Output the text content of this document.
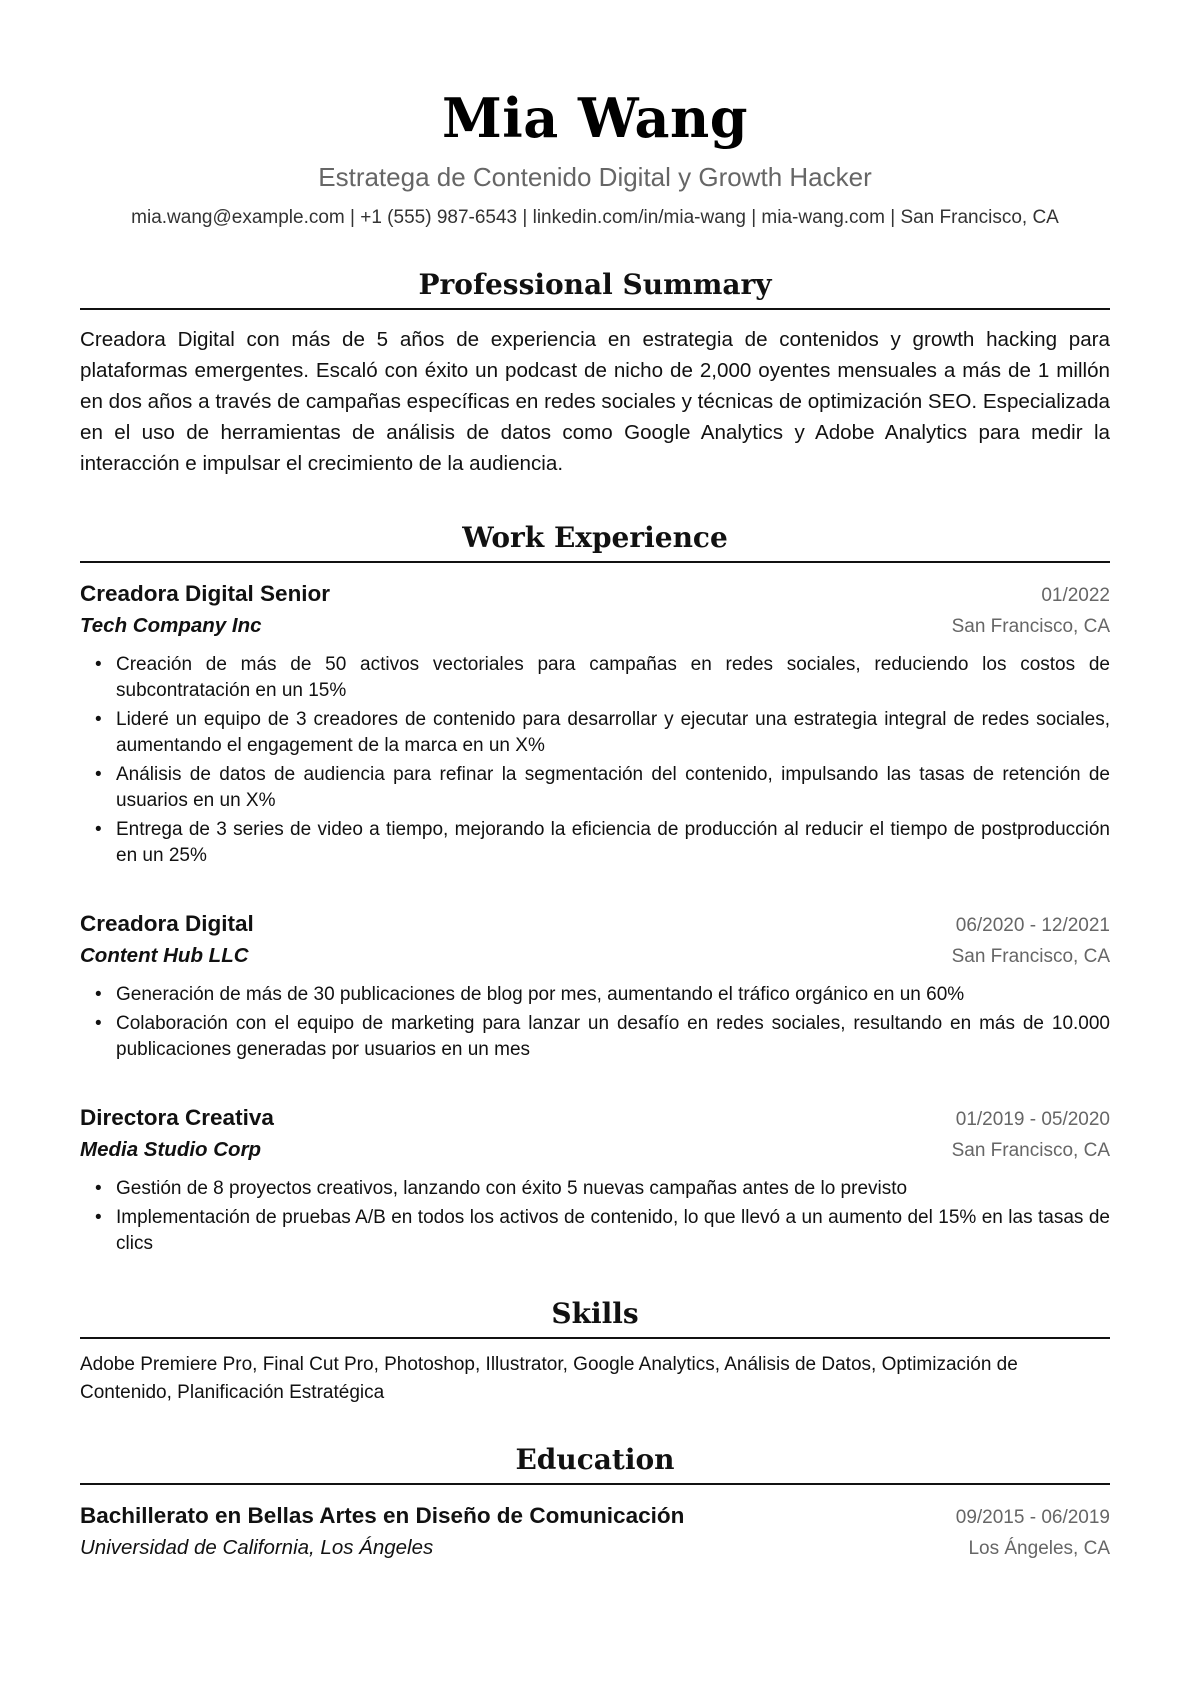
Mia Wang
Estratega de Contenido Digital y Growth Hacker
mia.wang@example.com | +1 (555) 987-6543 | linkedin.com/in/mia-wang | mia-wang.com | San Francisco, CA
Professional Summary

Creadora Digital con más de 5 años de experiencia en estrategia de contenidos y growth hacking para plataformas emergentes. Escaló con éxito un podcast de nicho de 2,000 oyentes mensuales a más de 1 millón en dos años a través de campañas específicas en redes sociales y técnicas de optimización SEO. Especializada en el uso de herramientas de análisis de datos como Google Analytics y Adobe Analytics para medir la interacción e impulsar el crecimiento de la audiencia.

Work Experience
Creadora Digital Senior	01/2022
Tech Company Inc	San Francisco, CA
• Creación de más de 50 activos vectoriales para campañas en redes sociales, reduciendo los costos de subcontratación en un 15%
• Lideré un equipo de 3 creadores de contenido para desarrollar y ejecutar una estrategia integral de redes sociales, aumentando el engagement de la marca en un X%
• Análisis de datos de audiencia para refinar la segmentación del contenido, impulsando las tasas de retención de usuarios en un X%
• Entrega de 3 series de video a tiempo, mejorando la eficiencia de producción al reducir el tiempo de postproducción en un 25%
Creadora Digital	06/2020 - 12/2021
Content Hub LLC	San Francisco, CA
• Generación de más de 30 publicaciones de blog por mes, aumentando el tráfico orgánico en un 60%
• Colaboración con el equipo de marketing para lanzar un desafío en redes sociales, resultando en más de 10.000 publicaciones generadas por usuarios en un mes
Directora Creativa	01/2019 - 05/2020
Media Studio Corp	San Francisco, CA
• Gestión de 8 proyectos creativos, lanzando con éxito 5 nuevas campañas antes de lo previsto
• Implementación de pruebas A/B en todos los activos de contenido, lo que llevó a un aumento del 15% en las tasas de clics
Skills
Adobe Premiere Pro, Final Cut Pro, Photoshop, Illustrator, Google Analytics, Análisis de Datos, Optimización de Contenido, Planificación Estratégica
Education
Bachillerato en Bellas Artes en Diseño de Comunicación	09/2015 - 06/2019
Universidad de California, Los Ángeles	Los Ángeles, CA
